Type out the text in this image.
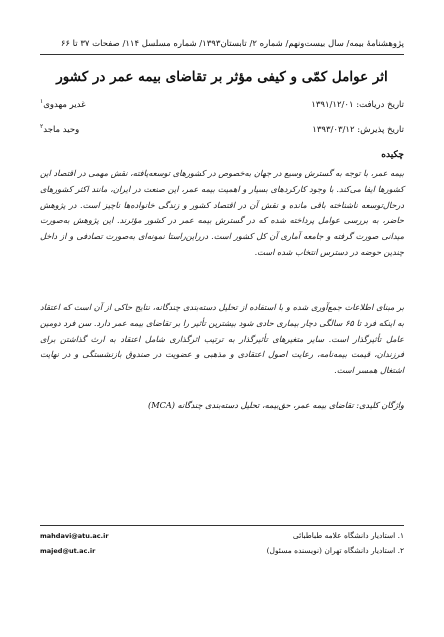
پژوهشنامهٔ بیمه/ سال بیست‌ونهم/ شماره ۲/ تابستان۱۳۹۳/ شماره مسلسل ۱۱۴/ صفحات ۳۷ تا ۶۶
اثر عوامل کمّی و کیفی مؤثر بر تقاضای بیمه عمر در کشور
تاریخ دریافت: ۱۳۹۱/۱۲/۰۱
غدیر مهدوی$^۱$
تاریخ پذیرش: ۱۳۹۳/۰۳/۱۲
وحید ماجد$^۲$
چکیده
بیمه عمر، با توجه به گسترش وسیع در جهان به‌خصوص در کشورهای توسعه‌یافته، نقش مهمی در اقتصاد این کشورها ایفا می‌کند. با وجود کارکردهای بسیار و اهمیت بیمه عمر، این صنعت در ایران، مانند اکثر کشورهای درحال‌توسعه ناشناخته باقی مانده و نقش آن در اقتصاد کشور و زندگی خانواده‌ها ناچیز است. در پژوهش حاضر، به بررسی عوامل پرداخته شده که در گسترش بیمه عمر در کشور مؤثرند. این پژوهش به‌صورت میدانی صورت گرفته و جامعه آماری آن کل کشور است. درراین‌راستا نمونه‌ای به‌صورت تصادفی و از داخل چندین حوضه در دسترس انتخاب شده است.
بر مبنای اطلاعات جمع‌آوری شده و با استفاده از تحلیل دسته‌بندی چندگانه، نتایج حاکی از آن است که اعتقاد به اینکه فرد تا ۶۵ سالگی دچار بیماری حادی شود بیشترین تأثیر را بر تقاضای بیمه عمر دارد. سن فرد دومین عامل تأثیرگذار است. سایر متغیرهای تأثیرگذار به ترتیب اثرگذاری شامل اعتقاد به ارث گذاشتن برای فرزندان، قیمت بیمه‌نامه، رعایت اصول اعتقادی و مذهبی و عضویت در صندوق بازنشستگی و در نهایت اشتغال همسر است.
واژگان کلیدی: تقاضای بیمه عمر، حق‌بیمه، تحلیل دسته‌بندی چندگانه (MCA)
۱. استادیار دانشگاه علامه طباطبائی
mahdavi@atu.ac.ir
۲. استادیار دانشگاه تهران (نویسنده مسئول)
majed@ut.ac.ir
